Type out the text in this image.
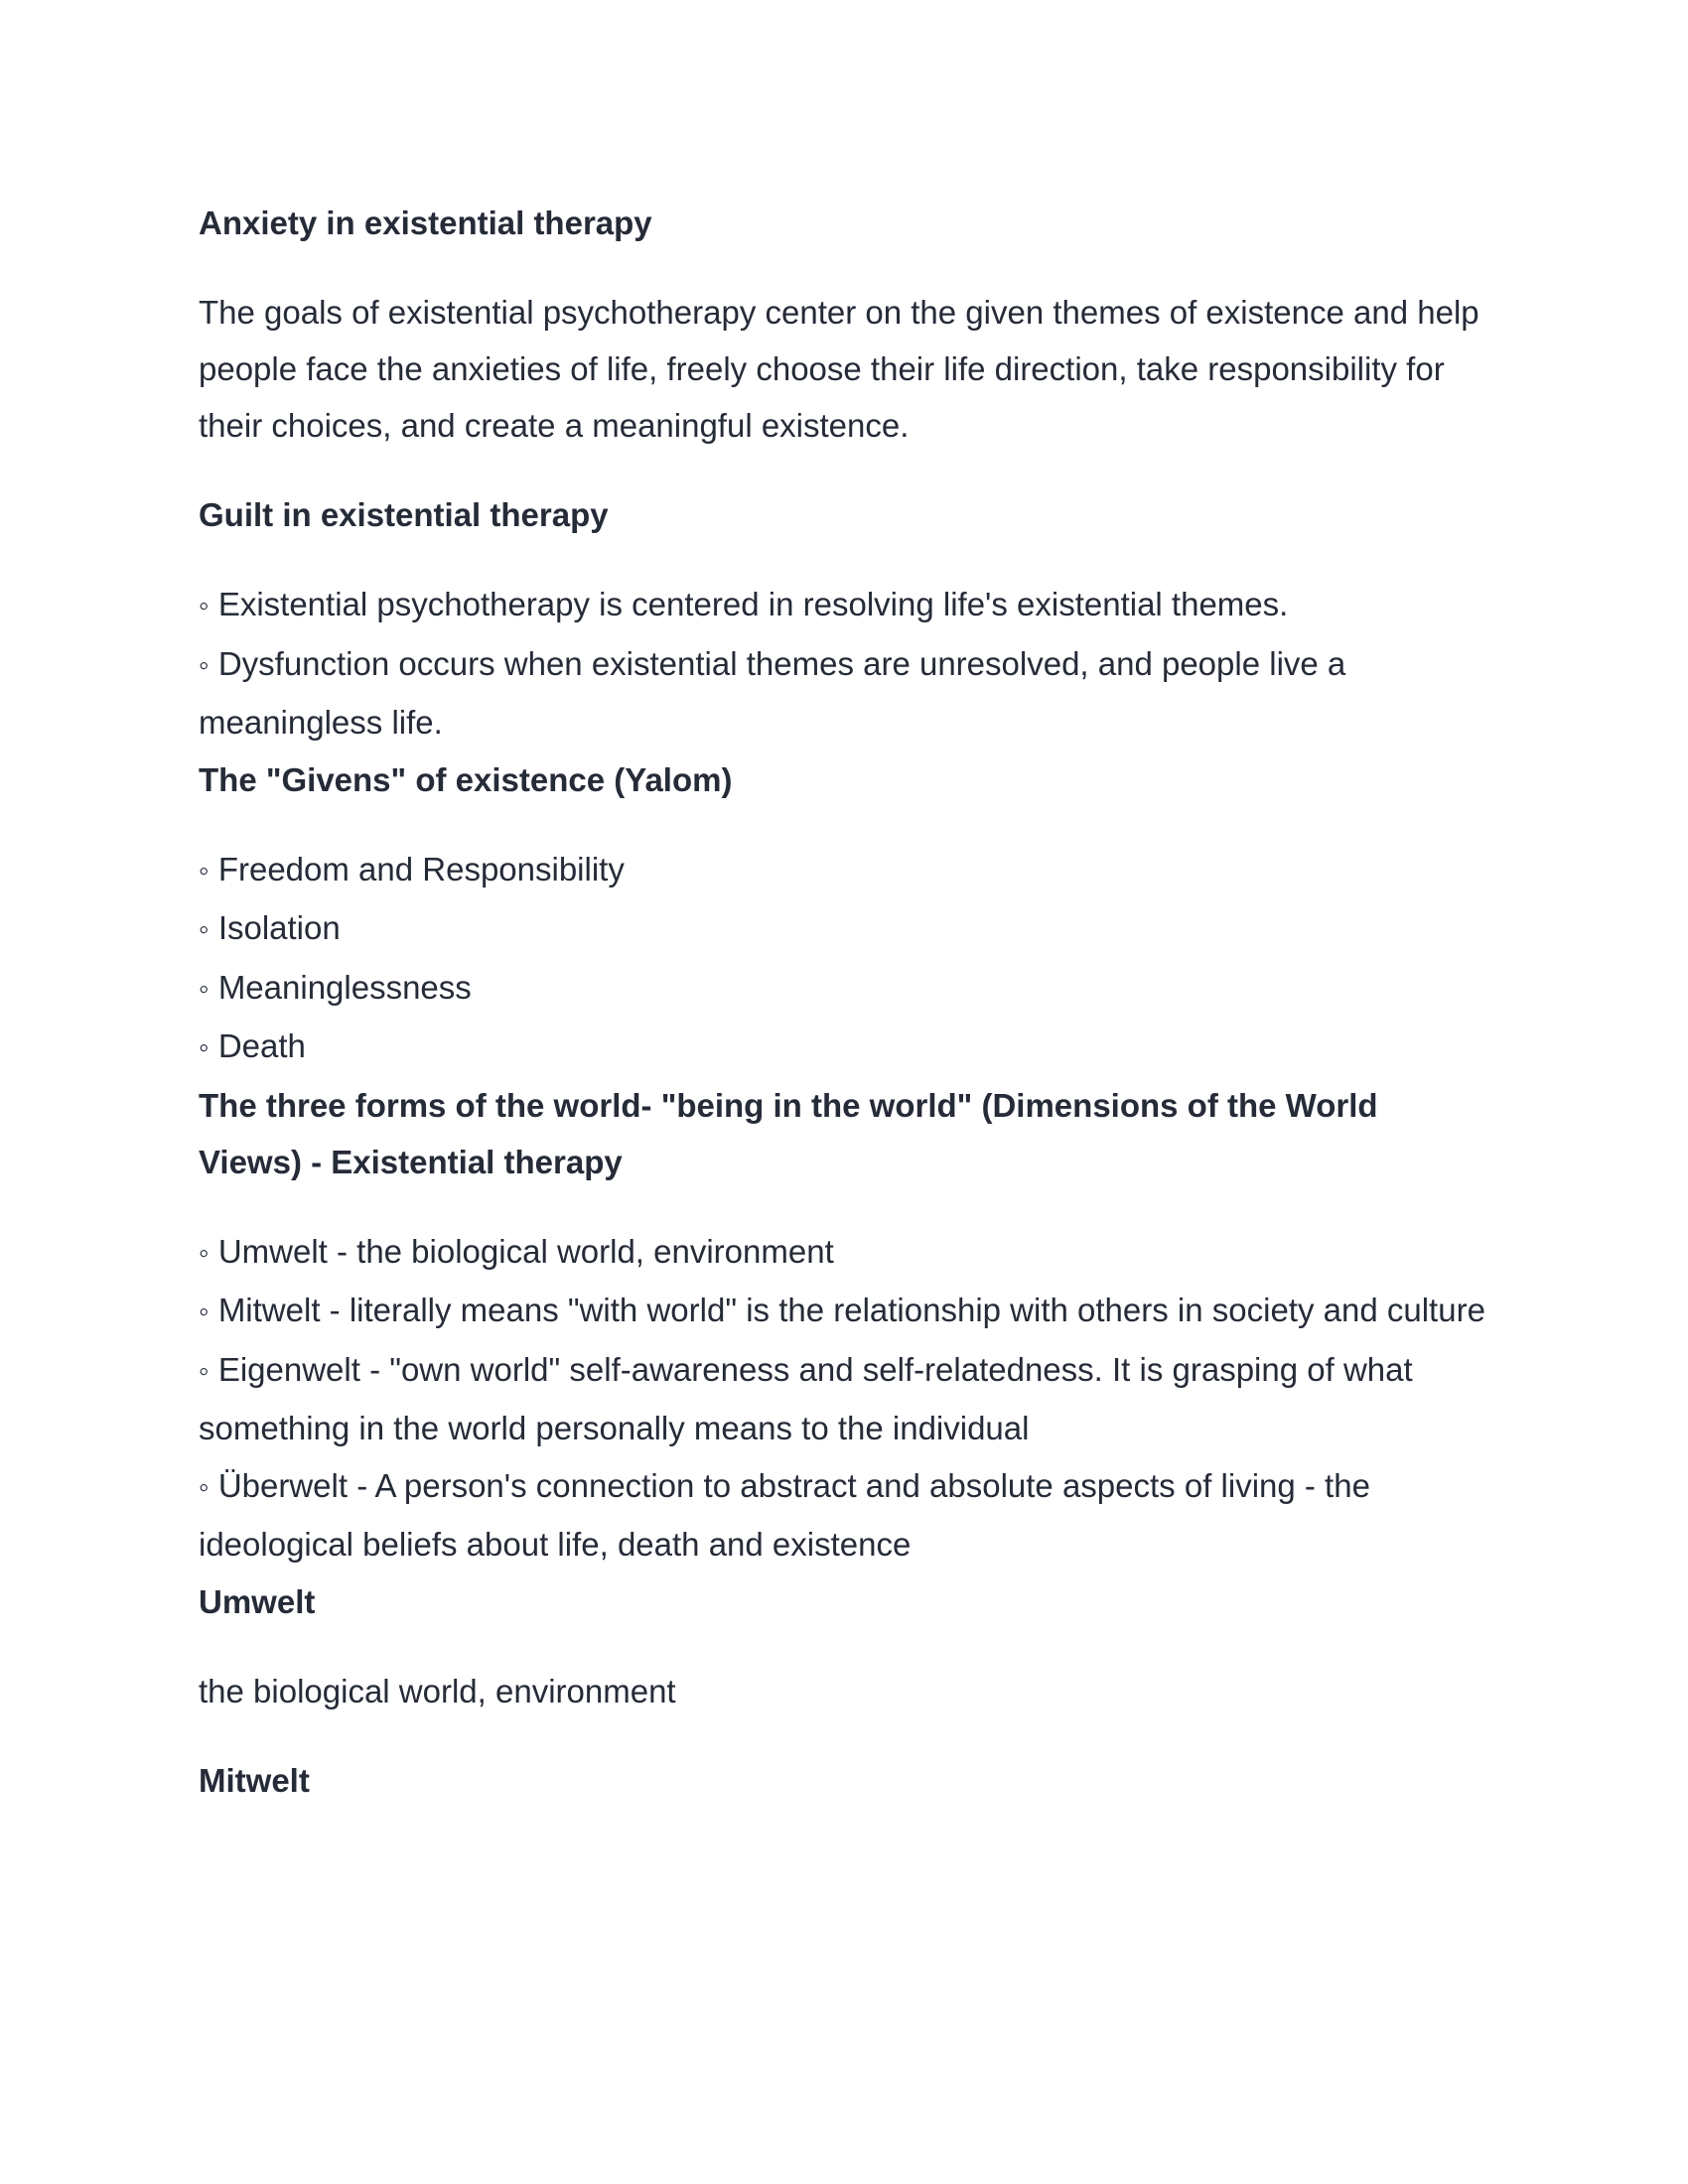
Anxiety in existential therapy

The goals of existential psychotherapy center on the given themes of existence and help people face the anxieties of life, freely choose their life direction, take responsibility for their choices, and create a meaningful existence.

Guilt in existential therapy
◦ Existential psychotherapy is centered in resolving life's existential themes.
◦ Dysfunction occurs when existential themes are unresolved, and people live a meaningless life.
The "Givens" of existence (Yalom)
◦ Freedom and Responsibility
◦ Isolation
◦ Meaninglessness
◦ Death
The three forms of the world- "being in the world" (Dimensions of the World Views) - Existential therapy
◦ Umwelt - the biological world, environment
◦ Mitwelt - literally means "with world" is the relationship with others in society and culture
◦ Eigenwelt - "own world" self-awareness and self-relatedness. It is grasping of what something in the world personally means to the individual
◦ Überwelt - A person's connection to abstract and absolute aspects of living - the ideological beliefs about life, death and existence
Umwelt

the biological world, environment

Mitwelt
